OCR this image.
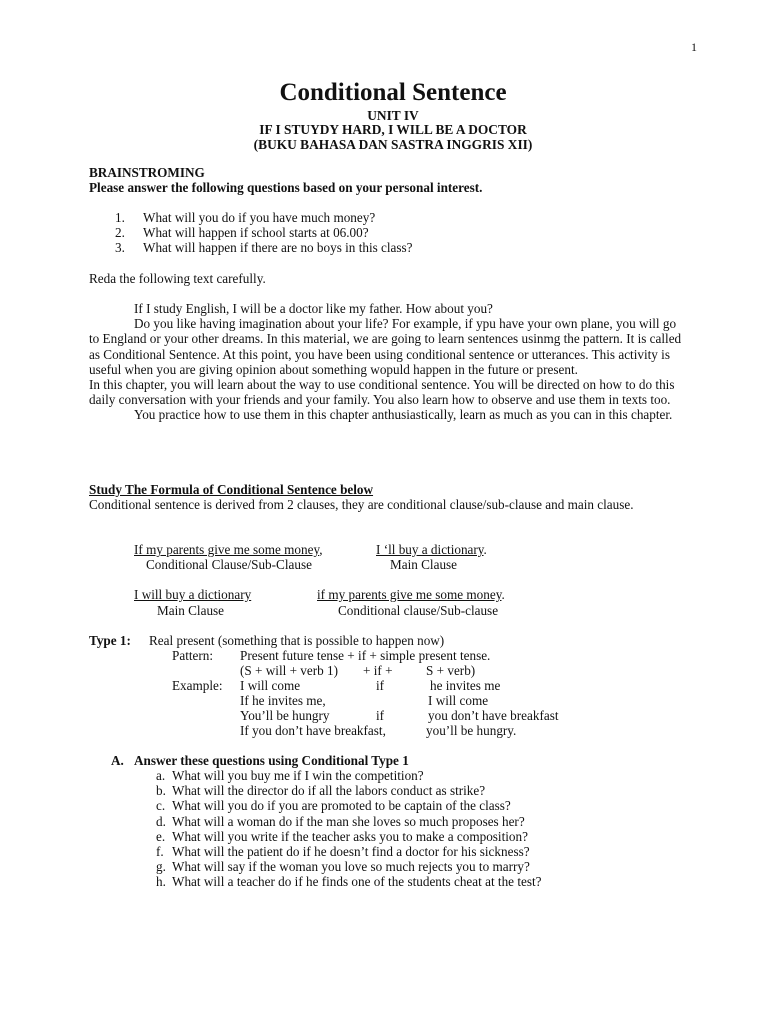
1
Conditional Sentence
UNIT IV
IF I STUYDY HARD, I WILL BE A DOCTOR
(BUKU BAHASA DAN SASTRA INGGRIS XII)
BRAINSTROMING
Please answer the following questions based on your personal interest.
1. What will you do if you have much money?
2. What will happen if school starts at 06.00?
3. What will happen if there are no boys in this class?
Reda the following text carefully.

If I study English, I will be a doctor like my father. How about you?

Do you like having imagination about your life? For example, if ypu have your own plane, you will go to England or your other dreams. In this material, we are going to learn sentences usinmg the pattern. It is called as Conditional Sentence. At this point, you have been using conditional sentence or utterances. This activity is useful when you are giving opinion about something wopuld happen in the future or present.

In this chapter, you will learn about the way to use conditional sentence. You will be directed on how to do this daily conversation with your friends and your family. You also learn how to observe and use them in texts too.

You practice how to use them in this chapter anthusiastically, learn as much as you can in this chapter.

Study The Formula of Conditional Sentence below
Conditional sentence is derived from 2 clauses, they are conditional clause/sub-clause and main clause.
If my parents give me some money,	I ‘ll buy a dictionary.
Conditional Clause/Sub-Clause	Main Clause
I will buy a dictionary	if my parents give me some money.
Main Clause	Conditional clause/Sub-clause
Type 1: Real present (something that is possible to happen now)
Pattern: Present future tense + if + simple present tense.
(S + will + verb 1) + if +	S + verb)
Example: I will come	if	he invites me
If he invites me,	I will come
You’ll be hungry	if	you don’t have breakfast
If you don’t have breakfast,	you’ll be hungry.
A. Answer these questions using Conditional Type 1
a. What will you buy me if I win the competition?
b. What will the director do if all the labors conduct as strike?
c. What will you do if you are promoted to be captain of the class?
d. What will a woman do if the man she loves so much proposes her?
e. What will you write if the teacher asks you to make a composition?
f. What will the patient do if he doesn’t find a doctor for his sickness?
g. What will say if the woman you love so much rejects you to marry?
h. What will a teacher do if he finds one of the students cheat at the test?
